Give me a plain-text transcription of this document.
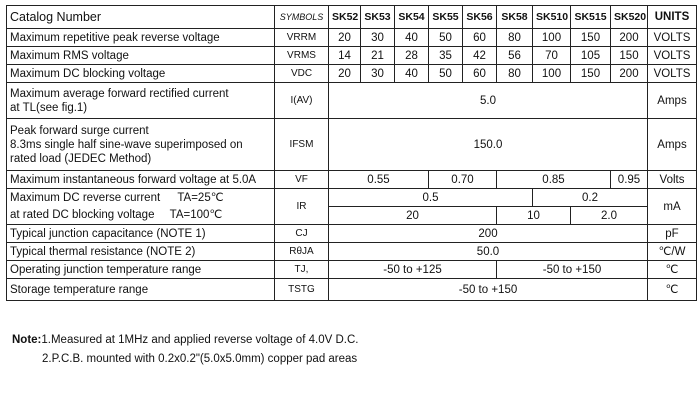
Catalog Number	SYMBOLS	SK52	SK53	SK54	SK55	SK56	SK58	SK510	SK515	SK520	UNITS
Maximum repetitive peak reverse voltage	VRRM	20	30	40	50	60	80	100	150	200	VOLTS
Maximum RMS voltage	VRMS	14	21	28	35	42	56	70	105	150	VOLTS
Maximum DC blocking voltage	VDC	20	30	40	50	60	80	100	150	200	VOLTS

Maximum average forward rectified current
at TL(see fig.1)	I(AV)	5.0									Amps

Peak forward surge current
8.3ms single half sine-wave superimposed on
rated load (JEDEC Method)	IFSM	150.0									Amps
Maximum instantaneous forward voltage at 5.0A	VF	0.55			0.70		0.85			0.95	Volts
Maximum DC reverse current TA=25℃	IR	0.5						0.2			mA
at rated DC blocking voltage TA=100℃		20					10		2.0		
Typical junction capacitance (NOTE 1)	CJ	200									pF
Typical thermal resistance (NOTE 2)	RθJA	50.0									℃/W
Operating junction temperature range	TJ,	-50 to +125					-50 to +150				℃
Storage temperature range	TSTG	-50 to +150									℃
Note:1.Measured at 1MHz and applied reverse voltage of 4.0V D.C.
2.P.C.B. mounted with 0.2x0.2"(5.0x5.0mm) copper pad areas
